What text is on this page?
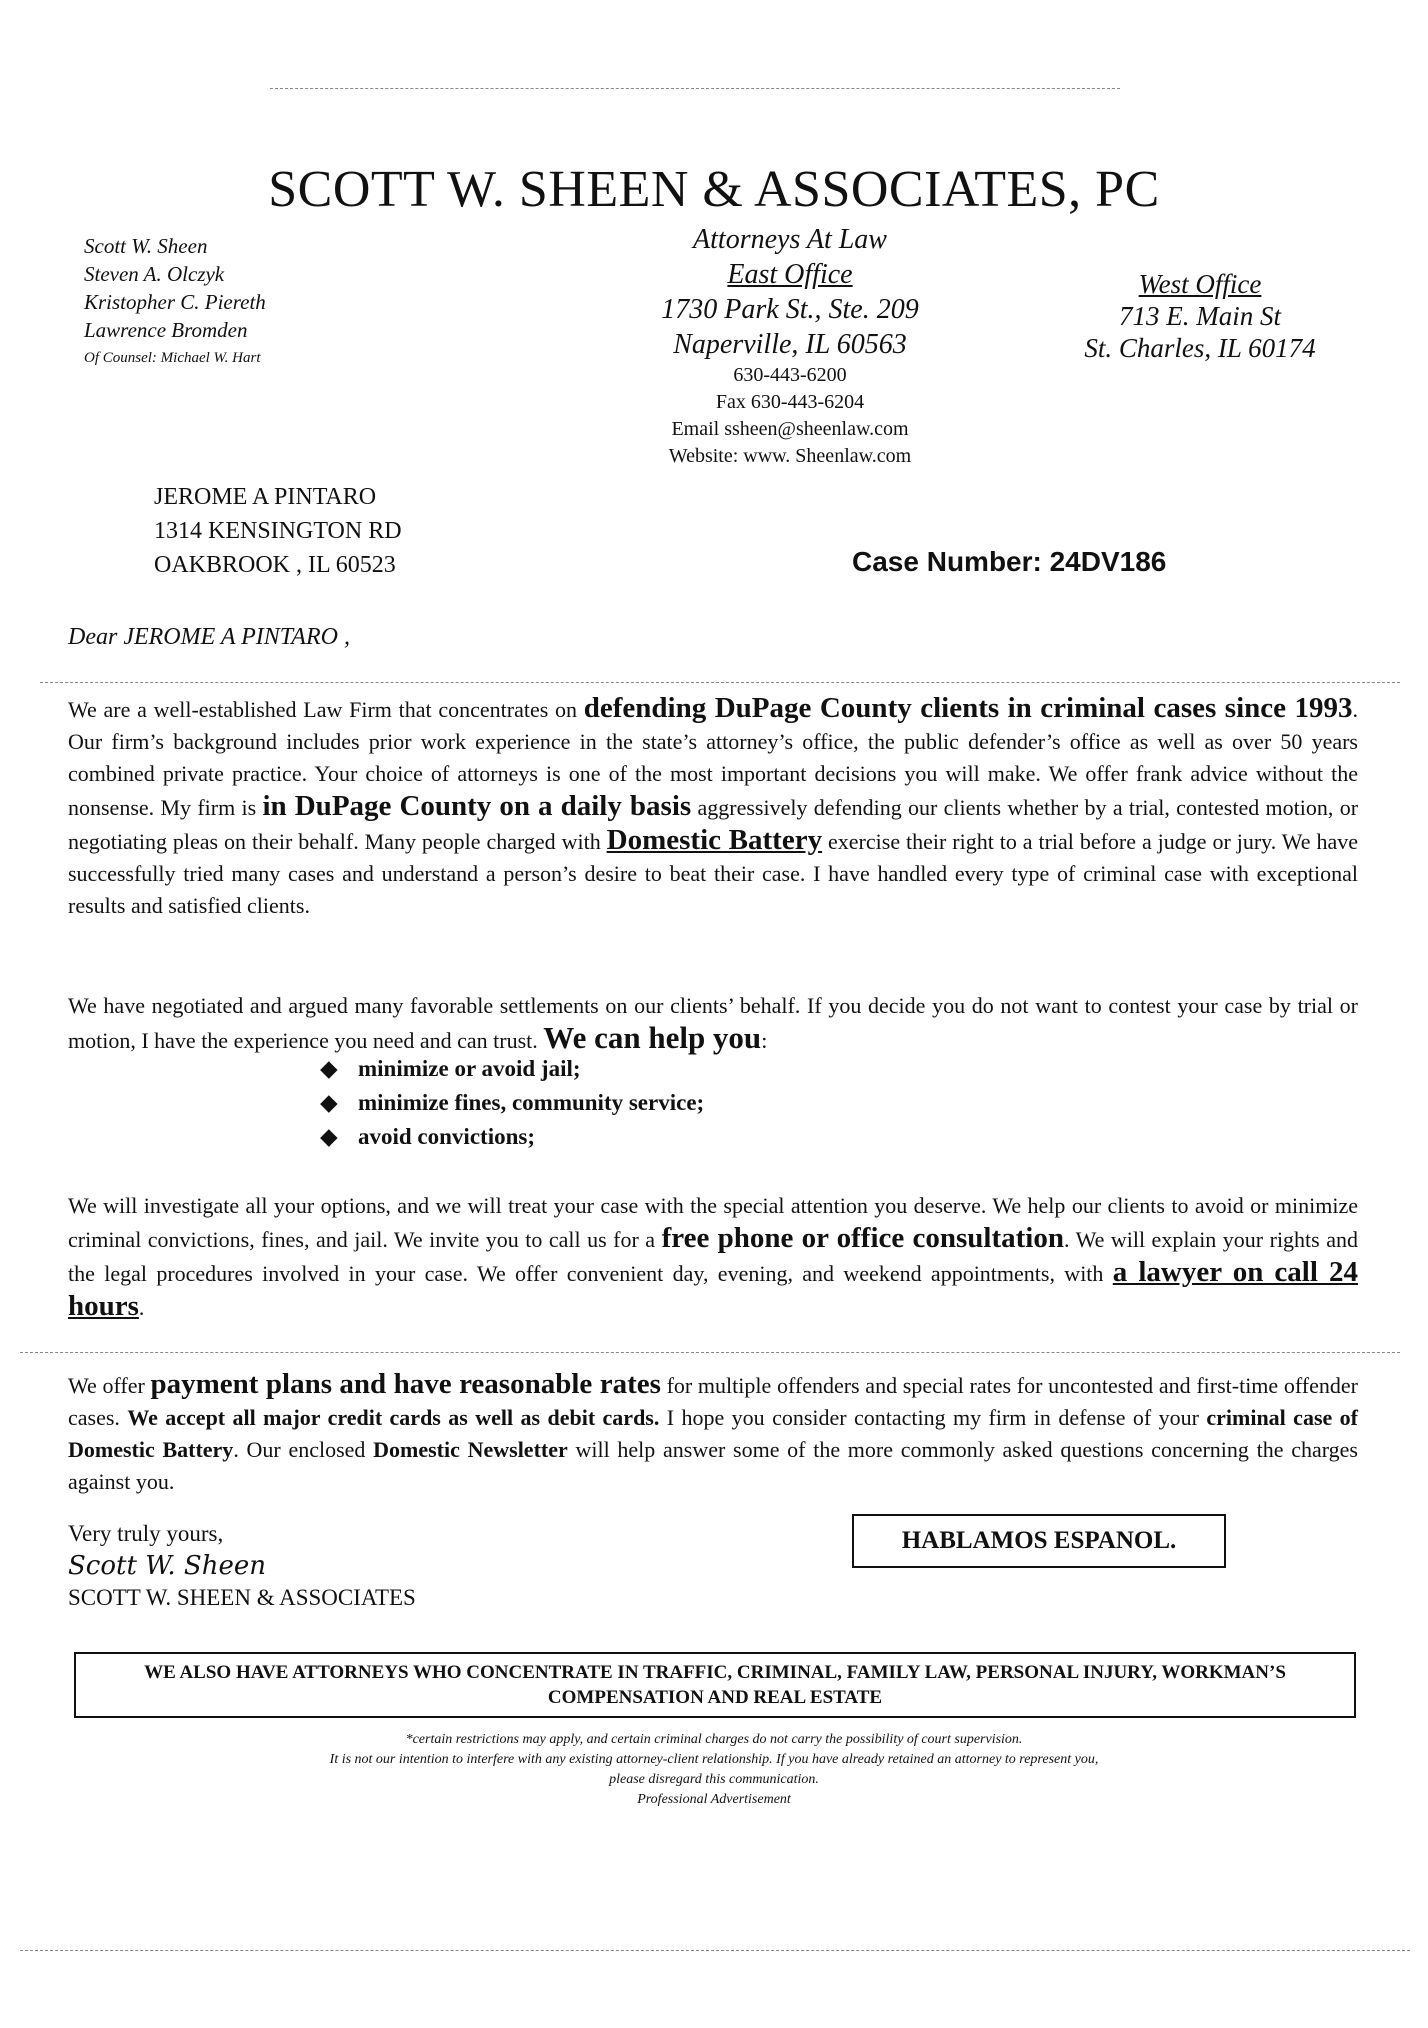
SCOTT W. SHEEN & ASSOCIATES, PC
Scott W. Sheen
Steven A. Olczyk
Kristopher C. Piereth
Lawrence Bromden
Of Counsel: Michael W. Hart
Attorneys At Law
East Office
1730 Park St., Ste. 209
Naperville, IL 60563
630-443-6200
Fax 630-443-6204
Email ssheen@sheenlaw.com
Website: www. Sheenlaw.com
West Office
713 E. Main St
St. Charles, IL 60174
JEROME A PINTARO
1314 KENSINGTON RD
OAKBROOK , IL 60523	Case Number: 24DV186
Dear JEROME A PINTARO ,
We are a well-established Law Firm that concentrates on defending DuPage County clients in criminal cases since 1993. Our firm’s background includes prior work experience in the state’s attorney’s office, the public defender’s office as well as over 50 years combined private practice. Your choice of attorneys is one of the most important decisions you will make. We offer frank advice without the nonsense. My firm is in DuPage County on a daily basis aggressively defending our clients whether by a trial, contested motion, or negotiating pleas on their behalf. Many people charged with Domestic Battery exercise their right to a trial before a judge or jury. We have successfully tried many cases and understand a person’s desire to beat their case. I have handled every type of criminal case with exceptional results and satisfied clients.
We have negotiated and argued many favorable settlements on our clients’ behalf. If you decide you do not want to contest your case by trial or motion, I have the experience you need and can trust. We can help you:
◆ minimize or avoid jail;
◆ minimize fines, community service;
◆ avoid convictions;
We will investigate all your options, and we will treat your case with the special attention you deserve. We help our clients to avoid or minimize criminal convictions, fines, and jail. We invite you to call us for a free phone or office consultation. We will explain your rights and the legal procedures involved in your case. We offer convenient day, evening, and weekend appointments, with a lawyer on call 24 hours.
We offer payment plans and have reasonable rates for multiple offenders and special rates for uncontested and first-time offender cases. We accept all major credit cards as well as debit cards. I hope you consider contacting my firm in defense of your criminal case of Domestic Battery. Our enclosed Domestic Newsletter will help answer some of the more commonly asked questions concerning the charges against you.
Very truly yours,
Scott W. Sheen
SCOTT W. SHEEN & ASSOCIATES
HABLAMOS ESPANOL.
WE ALSO HAVE ATTORNEYS WHO CONCENTRATE IN TRAFFIC, CRIMINAL, FAMILY LAW, PERSONAL INJURY, WORKMAN’S COMPENSATION AND REAL ESTATE
*certain restrictions may apply, and certain criminal charges do not carry the possibility of court supervision.
It is not our intention to interfere with any existing attorney-client relationship. If you have already retained an attorney to represent you,
please disregard this communication.
Professional Advertisement
